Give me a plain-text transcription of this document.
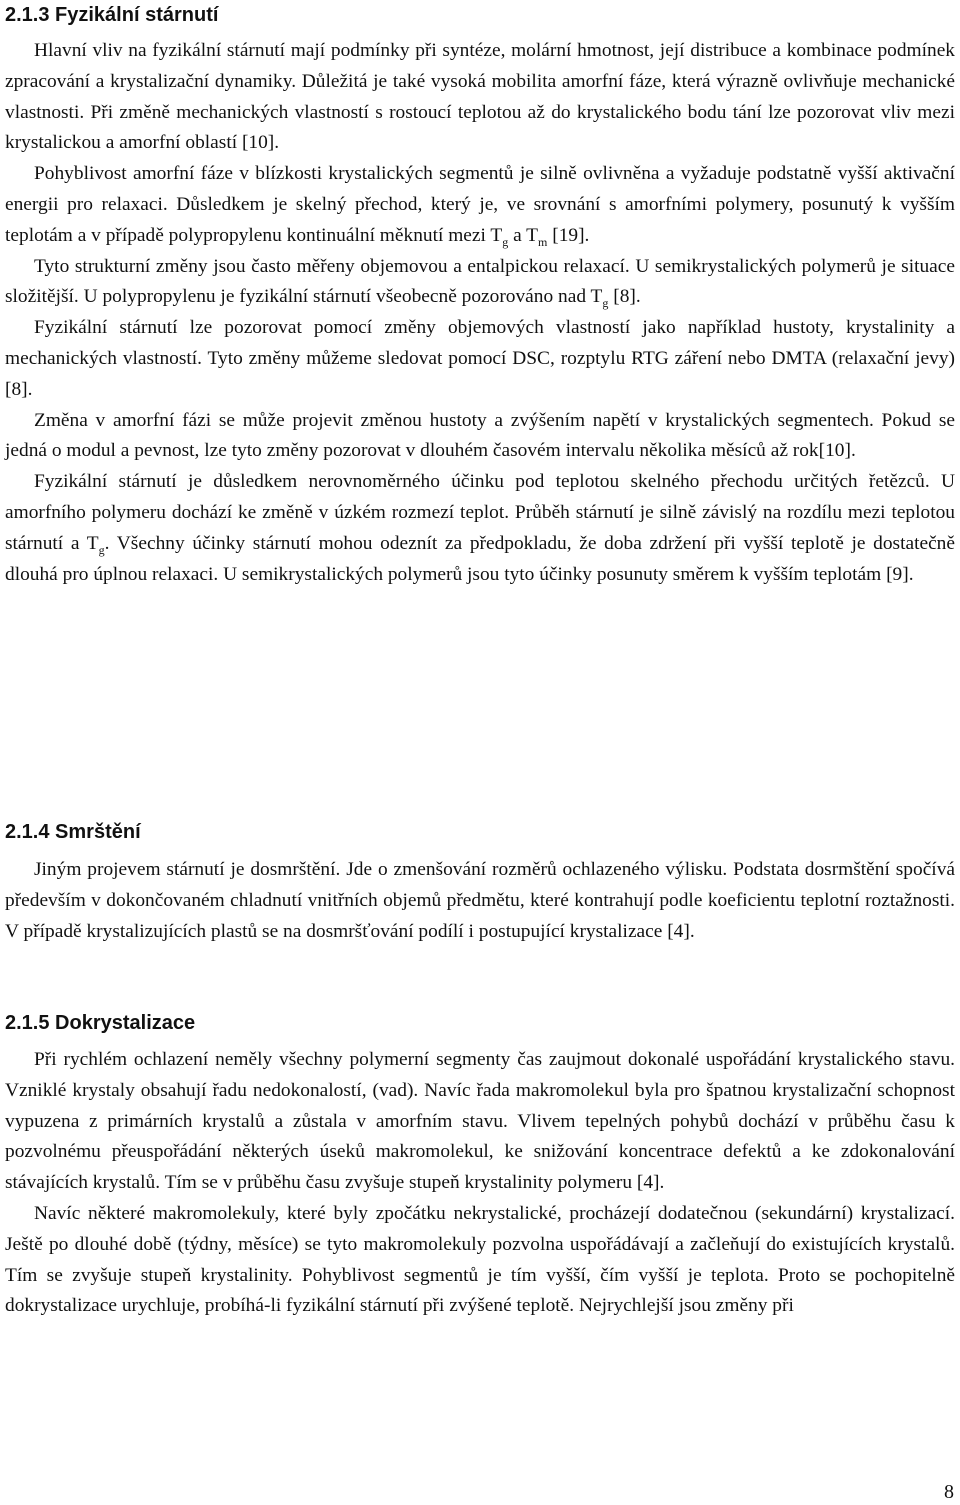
2.1.3 Fyzikální stárnutí

Hlavní vliv na fyzikální stárnutí mají podmínky při syntéze, molární hmotnost, její distribuce a kombinace podmínek zpracování a krystalizační dynamiky. Důležitá je také vysoká mobilita amorfní fáze, která výrazně ovlivňuje mechanické vlastnosti. Při změně mechanických vlastností s rostoucí teplotou až do krystalického bodu tání lze pozorovat vliv mezi krystalickou a amorfní oblastí [10].

Pohyblivost amorfní fáze v blízkosti krystalických segmentů je silně ovlivněna a vyžaduje podstatně vyšší aktivační energii pro relaxaci. Důsledkem je skelný přechod, který je, ve srovnání s amorfními polymery, posunutý k vyšším teplotám a v případě polypropylenu kontinuální měknutí mezi $T_g$ a $T_m$ [19].

Tyto strukturní změny jsou často měřeny objemovou a entalpickou relaxací. U semikrystalických polymerů je situace složitější. U polypropylenu je fyzikální stárnutí všeobecně pozorováno nad $T_g$ [8].

Fyzikální stárnutí lze pozorovat pomocí změny objemových vlastností jako například hustoty, krystalinity a mechanických vlastností. Tyto změny můžeme sledovat pomocí DSC, rozptylu RTG záření nebo DMTA (relaxační jevy) [8].

Změna v amorfní fázi se může projevit změnou hustoty a zvýšením napětí v krystalických segmentech. Pokud se jedná o modul a pevnost, lze tyto změny pozorovat v dlouhém časovém intervalu několika měsíců až rok[10].

Fyzikální stárnutí je důsledkem nerovnoměrného účinku pod teplotou skelného přechodu určitých řetězců. U amorfního polymeru dochází ke změně v úzkém rozmezí teplot. Průběh stárnutí je silně závislý na rozdílu mezi teplotou stárnutí a $T_g$. Všechny účinky stárnutí mohou odeznít za předpokladu, že doba zdržení při vyšší teplotě je dostatečně dlouhá pro úplnou relaxaci. U semikrystalických polymerů jsou tyto účinky posunuty směrem k vyšším teplotám [9].

2.1.4 Smrštění

Jiným projevem stárnutí je dosmrštění. Jde o zmenšování rozměrů ochlazeného výlisku. Podstata dosrmštění spočívá především v dokončovaném chladnutí vnitřních objemů předmětu, které kontrahují podle koeficientu teplotní roztažnosti. V případě krystalizujících plastů se na dosmršťování podílí i postupující krystalizace [4].

2.1.5 Dokrystalizace

Při rychlém ochlazení neměly všechny polymerní segmenty čas zaujmout dokonalé uspořádání krystalického stavu. Vzniklé krystaly obsahují řadu nedokonalostí, (vad). Navíc řada makromolekul byla pro špatnou krystalizační schopnost vypuzena z primárních krystalů a zůstala v amorfním stavu. Vlivem tepelných pohybů dochází v průběhu času k pozvolnému přeuspořádání některých úseků makromolekul, ke snižování koncentrace defektů a ke zdokonalování stávajících krystalů. Tím se v průběhu času zvyšuje stupeň krystalinity polymeru [4].

Navíc některé makromolekuly, které byly zpočátku nekrystalické, procházejí dodatečnou (sekundární) krystalizací. Ještě po dlouhé době (týdny, měsíce) se tyto makromolekuly pozvolna uspořádávají a začleňují do existujících krystalů. Tím se zvyšuje stupeň krystalinity. Pohyblivost segmentů je tím vyšší, čím vyšší je teplota. Proto se pochopitelně dokrystalizace urychluje, probíhá-li fyzikální stárnutí při zvýšené teplotě. Nejrychlejší jsou změny při

8
